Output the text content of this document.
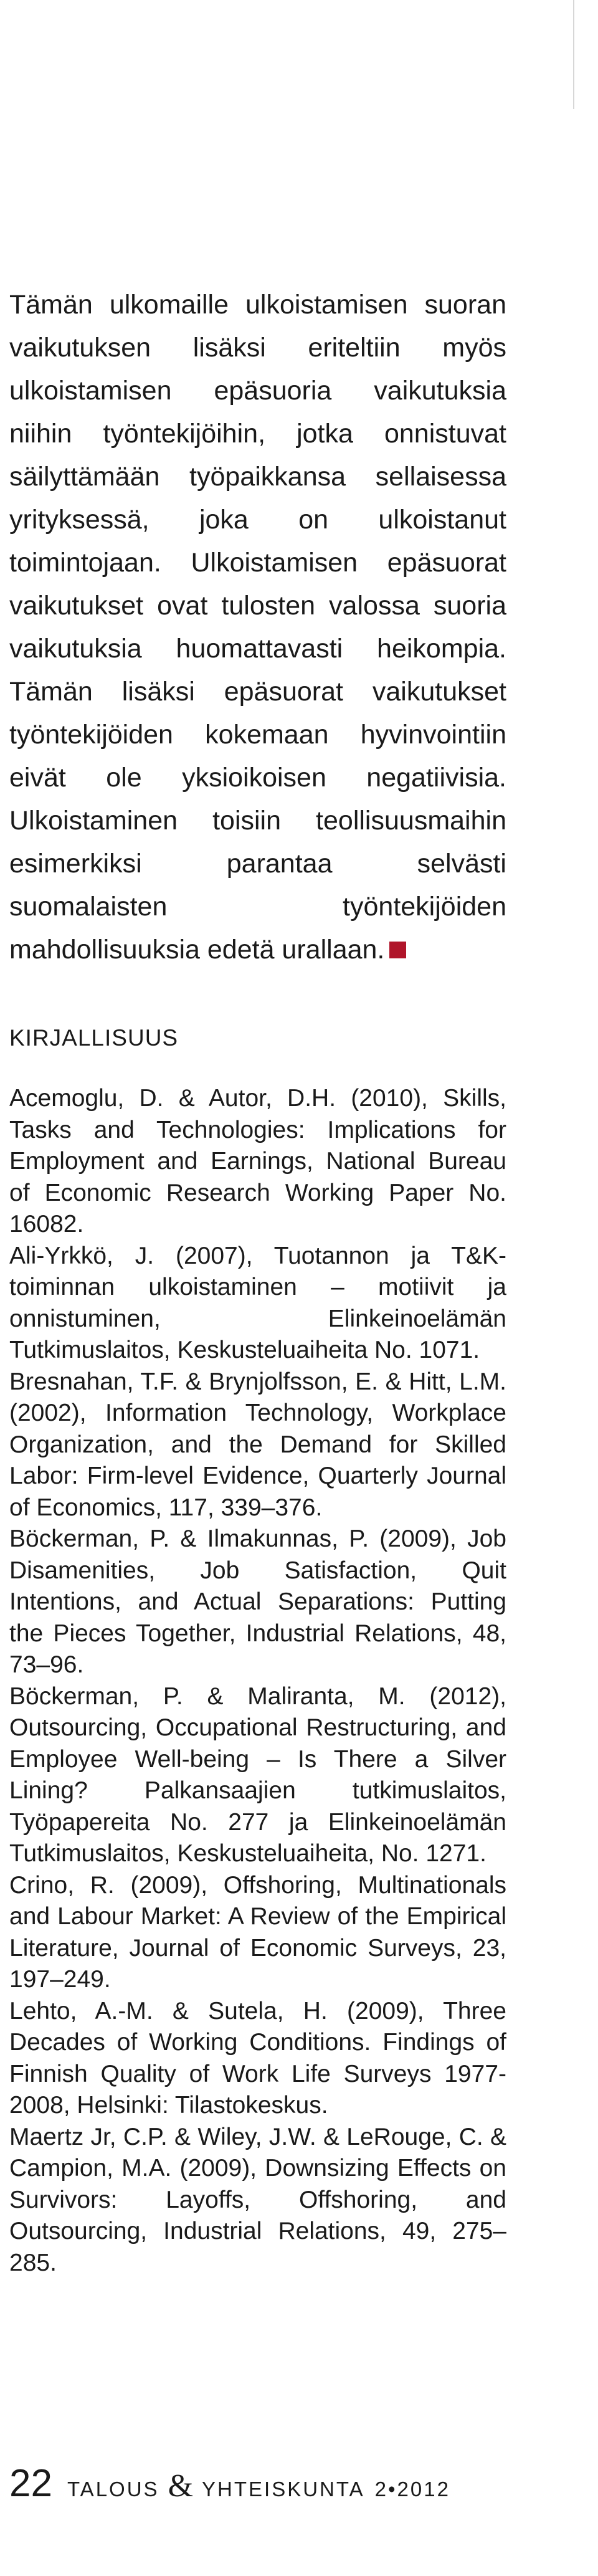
Tämän ulkomaille ulkoistamisen suoran vaikutuksen lisäksi eriteltiin myös ulkoistamisen epäsuoria vaikutuksia niihin työntekijöihin, jotka onnistuvat säilyttämään työpaikkansa sellaisessa yrityksessä, joka on ulkoistanut toimintojaan. Ulkoistamisen epäsuorat vaikutukset ovat tulosten valossa suoria vaikutuksia huomattavasti heikompia. Tämän lisäksi epäsuorat vaikutukset työntekijöiden kokemaan hyvinvointiin eivät ole yksioikoisen negatiivisia. Ulkoistaminen toisiin teollisuusmaihin esimerkiksi parantaa selvästi suomalaisten työntekijöiden mahdollisuuksia edetä urallaan.

KIRJALLISUUS
Acemoglu, D. & Autor, D.H. (2010), Skills, Tasks and Technologies: Implications for Employment and Earnings, National Bureau of Economic Research Working Paper No. 16082.
Ali-Yrkkö, J. (2007), Tuotannon ja T&K-toiminnan ulkoistaminen – motiivit ja onnistuminen, Elinkeinoelämän Tutkimuslaitos, Keskusteluaiheita No. 1071.
Bresnahan, T.F. & Brynjolfsson, E. & Hitt, L.M. (2002), Information Technology, Workplace Organization, and the Demand for Skilled Labor: Firm-level Evidence, Quarterly Journal of Economics, 117, 339–376.
Böckerman, P. & Ilmakunnas, P. (2009), Job Disamenities, Job Satisfaction, Quit Intentions, and Actual Separations: Putting the Pieces Together, Industrial Relations, 48, 73–96.
Böckerman, P. & Maliranta, M. (2012), Outsourcing, Occupational Restructuring, and Employee Well-being – Is There a Silver Lining? Palkansaajien tutkimuslaitos, Työpapereita No. 277 ja Elinkeinoelämän Tutkimuslaitos, Keskusteluaiheita, No. 1271.
Crino, R. (2009), Offshoring, Multinationals and Labour Market: A Review of the Empirical Literature, Journal of Economic Surveys, 23, 197–249.
Lehto, A.-M. & Sutela, H. (2009), Three Decades of Working Conditions. Findings of Finnish Quality of Work Life Surveys 1977-2008, Helsinki: Tilastokeskus.
Maertz Jr, C.P. & Wiley, J.W. & LeRouge, C. & Campion, M.A. (2009), Downsizing Effects on Survivors: Layoffs, Offshoring, and Outsourcing, Industrial Relations, 49, 275–285.
22 TALOUS & YHTEISKUNTA 2•2012
